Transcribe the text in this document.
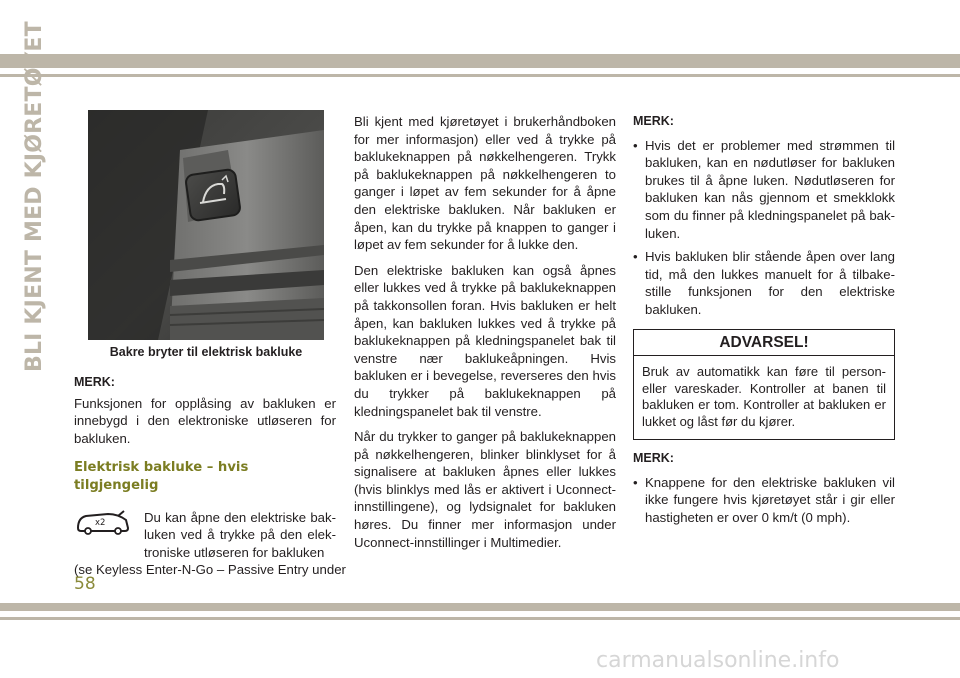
BLI KJENT MED KJØRETØYET	Bakre bryter til elektrisk bakluke
MERK:

Funksjonen for opplåsing av bakluken er innebygd i den elektroniske utløseren for bakluken.

Elektrisk bakluke – hvis tilgjengelig
x2	Du kan åpne den elektriske bak-luken ved å trykke på den elek-troniske utløseren for bakluken

(se Keyless Enter-N-Go – Passive Entry under

Bli kjent med kjøretøyet i brukerhåndboken for mer informasjon) eller ved å trykke på baklukeknappen på nøkkelhengeren. Trykk på baklukeknappen på nøkkelhengeren to ganger i løpet av fem sekunder for å åpne den elektriske bakluken. Når bakluken er åpen, kan du trykke på knappen to ganger i løpet av fem sekunder for å lukke den.

Den elektriske bakluken kan også åpnes eller lukkes ved å trykke på baklukeknappen på takkonsollen foran. Hvis bakluken er helt åpen, kan bakluken lukkes ved å trykke på baklukeknappen på kledningspanelet bak til venstre nær baklukeåpningen. Hvis bakluken er i bevegelse, reverseres den hvis du trykker på baklukeknappen på kledningspanelet bak til venstre.

Når du trykker to ganger på baklukeknappen på nøkkelhengeren, blinker blinklyset for å signalisere at bakluken åpnes eller lukkes (hvis blinklys med lås er aktivert i Uconnect-innstillingene), og lydsignalet for bakluken høres. Du finner mer informasjon under Uconnect-innstillinger i Multimedier.

MERK:
• Hvis det er problemer med strømmen til bakluken, kan en nødutløser for bakluken brukes til å åpne luken. Nødutløseren for bakluken kan nås gjennom et smekklokk som du finner på kledningspanelet på bak-luken.
• Hvis bakluken blir stående åpen over lang tid, må den lukkes manuelt for å tilbake-stille funksjonen for den elektriske bakluken.
ADVARSEL!
Bruk av automatikk kan føre til person-eller vareskader. Kontroller at banen til bakluken er tom. Kontroller at bakluken er lukket og låst før du kjører.
MERK:
• Knappene for den elektriske bakluken vil ikke fungere hvis kjøretøyet står i gir eller hastigheten er over 0 km/t (0 mph).
58
carmanualsonline.info
